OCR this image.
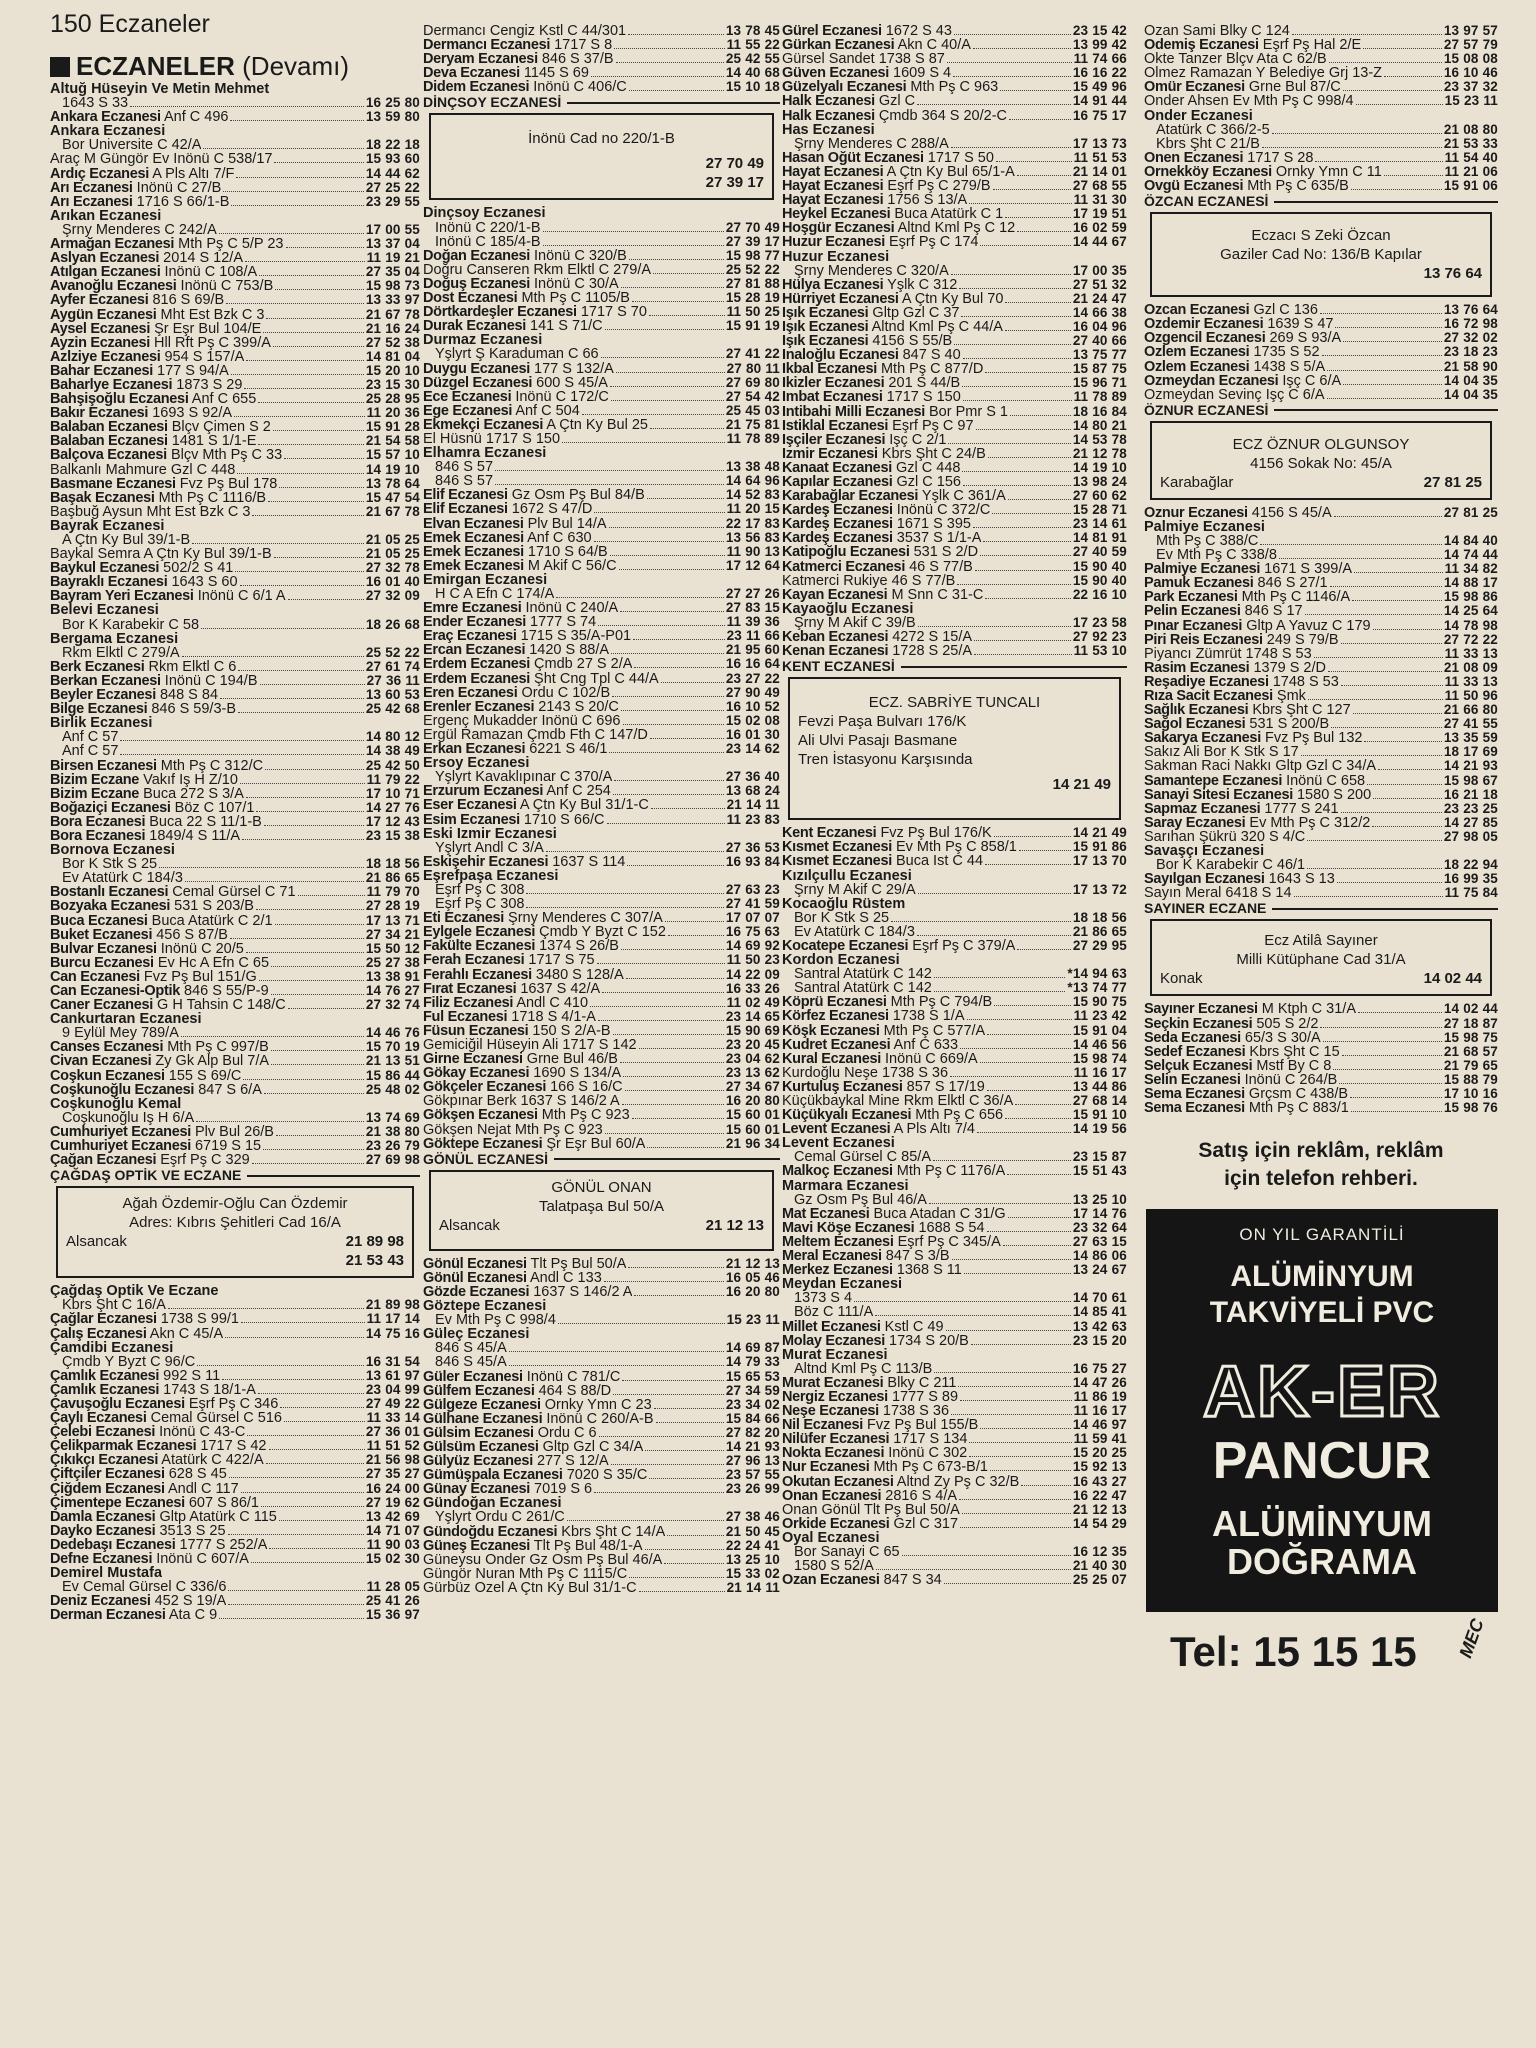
150 Eczaneler
ECZANELER (Devamı)
Altuğ Hüseyin Ve Metin Mehmet
1643 S 33	16 25 80
Ankara Eczanesi Anf C 496	13 59 80
Ankara Eczanesi
Bor Üniversite C 42/A	18 22 18
Araç M Güngör Ev İnönü C 538/17	15 93 60
Ardıç Eczanesi A Pls Altı 7/F	14 44 62
Arı Eczanesi İnönü C 27/B	27 25 22
Arı Eczanesi 1716 S 66/1-B	23 29 55
Arıkan Eczanesi
Şrny Menderes C 242/A	17 00 55
Armağan Eczanesi Mth Pş C 5/P 23	13 37 04
Aslyan Eczanesi 2014 S 12/A	11 19 21
Atılgan Eczanesi İnönü C 108/A	27 35 04
Avanoğlu Eczanesi İnönü C 753/B	15 98 73
Ayfer Eczanesi 816 S 69/B	13 33 97
Aygün Eczanesi Mht Est Bzk C 3	21 67 78
Aysel Eczanesi Şr Eşr Bul 104/E	21 16 24
Ayzin Eczanesi Hll Rft Pş C 399/A	27 52 38
Azlziye Eczanesi 954 S 157/A	14 81 04
Bahar Eczanesi 177 S 94/A	15 20 10
Baharlye Eczanesi 1873 S 29	23 15 30
Bahşişoğlu Eczanesi Anf C 655	25 28 95
Bakır Eczanesi 1693 S 92/A	11 20 36
Balaban Eczanesi Blçv Çimen S 2	15 91 28
Balaban Eczanesi 1481 S 1/1-E	21 54 58
Balçova Eczanesi Blçv Mth Pş C 33	15 57 10
Balkanlı Mahmure Gzl C 448	14 19 10
Basmane Eczanesi Fvz Pş Bul 178	13 78 64
Başak Eczanesi Mth Pş C 1116/B	15 47 54
Başbuğ Aysun Mht Est Bzk C 3	21 67 78
Bayrak Eczanesi
A Çtn Ky Bul 39/1-B	21 05 25
Baykal Semra A Çtn Ky Bul 39/1-B	21 05 25
Baykul Eczanesi 502/2 S 41	27 32 78
Bayraklı Eczanesi 1643 S 60	16 01 40
Bayram Yeri Eczanesi İnönü C 6/1 A	27 32 09
Belevi Eczanesi
Bor K Karabekir C 58	18 26 68
Bergama Eczanesi
Rkm Elktl C 279/A	25 52 22
Berk Eczanesi Rkm Elktl C 6	27 61 74
Berkan Eczanesi İnönü C 194/B	27 36 11
Beyler Eczanesi 848 S 84	13 60 53
Bilge Eczanesi 846 S 59/3-B	25 42 68
Birlik Eczanesi
Anf C 57	14 80 12
Anf C 57	14 38 49
Birsen Eczanesi Mth Pş C 312/C	25 42 50
Bizim Eczane Vakıf İş H Z/10	11 79 22
Bizim Eczane Buca 272 S 3/A	17 10 71
Boğaziçi Eczanesi Böz C 107/1	14 27 76
Bora Eczanesi Buca 22 S 11/1-B	17 12 43
Bora Eczanesi 1849/4 S 11/A	23 15 38
Bornova Eczanesi
Bor K Stk S 25	18 18 56
Ev Atatürk C 184/3	21 86 65
Bostanlı Eczanesi Cemal Gürsel C 71	11 79 70
Bozyaka Eczanesi 531 S 203/B	27 28 19
Buca Eczanesi Buca Atatürk C 2/1	17 13 71
Buket Eczanesi 456 S 87/B	27 34 21
Bulvar Eczanesi İnönü C 20/5	15 50 12
Burcu Eczanesi Ev Hc A Efn C 65	25 27 38
Can Eczanesi Fvz Pş Bul 151/G	13 38 91
Can Eczanesi-Optik 846 S 55/P-9	14 76 27
Caner Eczanesi G H Tahsin C 148/C	27 32 74
Cankurtaran Eczanesi
9 Eylül Mey 789/A	14 46 76
Canses Eczanesi Mth Pş C 997/B	15 70 19
Civan Eczanesi Zy Gk Alp Bul 7/A	21 13 51
Coşkun Eczanesi 155 S 69/C	15 86 44
Coşkunoğlu Eczanesi 847 S 6/A	25 48 02
Coşkunoğlu Kemal
Coşkunoğlu İş H 6/A	13 74 69
Cumhuriyet Eczanesi Plv Bul 26/B	21 38 80
Cumhuriyet Eczanesi 6719 S 15	23 26 79
Çağan Eczanesi Eşrf Pş C 329	27 69 98
ÇAĞDAŞ OPTİK VE ECZANE
Ağah Özdemir-Oğlu Can Özdemir
Adres: Kıbrıs Şehitleri Cad 16/A
Alsancak	21 89 98
21 53 43
Çağdaş Optik Ve Eczane
Kbrs Şht C 16/A	21 89 98
Çağlar Eczanesi 1738 S 99/1	11 17 14
Çalış Eczanesi Akn C 45/A	14 75 16
Çamdibi Eczanesi
Çmdb Y Byzt C 96/C	16 31 54
Çamlık Eczanesi 992 S 11	13 61 97
Çamlık Eczanesi 1743 S 18/1-A	23 04 99
Çavuşoğlu Eczanesi Eşrf Pş C 346	27 49 22
Çaylı Eczanesi Cemal Gürsel C 516	11 33 14
Çelebi Eczanesi İnönü C 43-C	27 36 01
Çelikparmak Eczanesi 1717 S 42	11 51 52
Çıkıkçı Eczanesi Atatürk C 422/A	21 56 98
Çiftçiler Eczanesi 628 S 45	27 35 27
Çiğdem Eczanesi Andl C 117	16 24 00
Çimentepe Eczanesi 607 S 86/1	27 19 62
Damla Eczanesi Gltp Atatürk C 115	13 42 69
Dayko Eczanesi 3513 S 25	14 71 07
Dedebaşı Eczanesi 1777 S 252/A	11 90 03
Defne Eczanesi İnönü C 607/A	15 02 30
Demirel Mustafa
Ev Cemal Gürsel C 336/6	11 28 05
Deniz Eczanesi 452 S 19/A	25 41 26
Derman Eczanesi Ata C 9	15 36 97
Dermancı Cengiz Kstl C 44/301	13 78 45
Dermancı Eczanesi 1717 S 8	11 55 22
Deryam Eczanesi 846 S 37/B	25 42 55
Deva Eczanesi 1145 S 69	14 40 68
Didem Eczanesi İnönü C 406/C	15 10 18
DİNÇSOY ECZANESİ
İnönü Cad no 220/1-B
27 70 49
27 39 17
Dinçsoy Eczanesi
İnönü C 220/1-B	27 70 49
İnönü C 185/4-B	27 39 17
Doğan Eczanesi İnönü C 320/B	15 98 77
Doğru Canseren Rkm Elktl C 279/A	25 52 22
Doğuş Eczanesi İnönü C 30/A	27 81 88
Dost Eczanesi Mth Pş C 1105/B	15 28 19
Dörtkardeşler Eczanesi 1717 S 70	11 50 25
Durak Eczanesi 141 S 71/C	15 91 19
Durmaz Eczanesi
Yşlyrt Ş Karaduman C 66	27 41 22
Duygu Eczanesi 177 S 132/A	27 80 11
Düzgel Eczanesi 600 S 45/A	27 69 80
Ece Eczanesi İnönü C 172/C	27 54 42
Ege Eczanesi Anf C 504	25 45 03
Ekmekçi Eczanesi A Çtn Ky Bul 25	21 75 81
El Hüsnü 1717 S 150	11 78 89
Elhamra Eczanesi
846 S 57	13 38 48
846 S 57	14 64 96
Elif Eczanesi Gz Osm Pş Bul 84/B	14 52 83
Elif Eczanesi 1672 S 47/D	11 20 15
Elvan Eczanesi Plv Bul 14/A	22 17 83
Emek Eczanesi Anf C 630	13 56 83
Emek Eczanesi 1710 S 64/B	11 90 13
Emek Eczanesi M Akif C 56/C	17 12 64
Emirgan Eczanesi
H C A Efn C 174/A	27 27 26
Emre Eczanesi İnönü C 240/A	27 83 15
Ender Eczanesi 1777 S 74	11 39 36
Eraç Eczanesi 1715 S 35/A-P01	23 11 66
Ercan Eczanesi 1420 S 88/A	21 95 60
Erdem Eczanesi Çmdb 27 S 2/A	16 16 64
Erdem Eczanesi Şht Cng Tpl C 44/A	23 27 22
Eren Eczanesi Ordu C 102/B	27 90 49
Erenler Eczanesi 2143 S 20/C	16 10 52
Ergenç Mukadder İnönü C 696	15 02 08
Ergül Ramazan Çmdb Fth C 147/D	16 01 30
Erkan Eczanesi 6221 S 46/1	23 14 62
Ersoy Eczanesi
Yşlyrt Kavaklıpınar C 370/A	27 36 40
Erzurum Eczanesi Anf C 254	13 68 24
Eser Eczanesi A Çtn Ky Bul 31/1-C	21 14 11
Esim Eczanesi 1710 S 66/C	11 23 83
Eski İzmir Eczanesi
Yşlyrt Andl C 3/A	27 36 53
Eskişehir Eczanesi 1637 S 114	16 93 84
Eşrefpaşa Eczanesi
Eşrf Pş C 308	27 63 23
Eşrf Pş C 308	27 41 59
Eti Eczanesi Şrny Menderes C 307/A	17 07 07
Eylgele Eczanesi Çmdb Y Byzt C 152	16 75 63
Fakülte Eczanesi 1374 S 26/B	14 69 92
Ferah Eczanesi 1717 S 75	11 50 23
Ferahlı Eczanesi 3480 S 128/A	14 22 09
Fırat Eczanesi 1637 S 42/A	16 33 26
Filiz Eczanesi Andl C 410	11 02 49
Ful Eczanesi 1718 S 4/1-A	23 14 65
Füsun Eczanesi 150 S 2/A-B	15 90 69
Gemiciğil Hüseyin Ali 1717 S 142	23 20 45
Girne Eczanesi Grne Bul 46/B	23 04 62
Gökay Eczanesi 1690 S 134/A	23 13 62
Gökçeler Eczanesi 166 S 16/C	27 34 67
Gökpınar Berk 1637 S 146/2 A	16 20 80
Gökşen Eczanesi Mth Pş C 923	15 60 01
Gökşen Nejat Mth Pş C 923	15 60 01
Göktepe Eczanesi Şr Eşr Bul 60/A	21 96 34
GÖNÜL ECZANESİ
GÖNÜL ONAN
Talatpaşa Bul 50/A
Alsancak	21 12 13
Gönül Eczanesi Tlt Pş Bul 50/A	21 12 13
Gönül Eczanesi Andl C 133	16 05 46
Gözde Eczanesi 1637 S 146/2 A	16 20 80
Göztepe Eczanesi
Ev Mth Pş C 998/4	15 23 11
Güleç Eczanesi
846 S 45/A	14 69 87
846 S 45/A	14 79 33
Güler Eczanesi İnönü C 781/C	15 65 53
Gülfem Eczanesi 464 S 88/D	27 34 59
Gülgeze Eczanesi Örnky Ymn C 23	23 34 02
Gülhane Eczanesi İnönü C 260/A-B	15 84 66
Gülsim Eczanesi Ordu C 6	27 82 20
Gülsüm Eczanesi Gltp Gzl C 34/A	14 21 93
Gülyüz Eczanesi 277 S 12/A	27 96 13
Gümüşpala Eczanesi 7020 S 35/C	23 57 55
Günay Eczanesi 7019 S 6	23 26 99
Gündoğan Eczanesi
Yşlyrt Ordu C 261/C	27 38 46
Gündoğdu Eczanesi Kbrs Şht C 14/A	21 50 45
Güneş Eczanesi Tlt Pş Bul 48/1-A	22 24 41
Güneysu Önder Gz Osm Pş Bul 46/A	13 25 10
Güngör Nuran Mth Pş C 1115/C	15 33 02
Gürbüz Özel A Çtn Ky Bul 31/1-C	21 14 11
Gürel Eczanesi 1672 S 43	23 15 42
Gürkan Eczanesi Akn C 40/A	13 99 42
Gürsel Sandet 1738 S 87	11 74 66
Güven Eczanesi 1609 S 4	16 16 22
Güzelyalı Eczanesi Mth Pş C 963	15 49 96
Halk Eczanesi Gzl C	14 91 44
Halk Eczanesi Çmdb 364 S 20/2-C	16 75 17
Has Eczanesi
Şrny Menderes C 288/A	17 13 73
Hasan Öğüt Eczanesi 1717 S 50	11 51 53
Hayat Eczanesi A Çtn Ky Bul 65/1-A	21 14 01
Hayat Eczanesi Eşrf Pş C 279/B	27 68 55
Hayat Eczanesi 1756 S 13/A	11 31 30
Heykel Eczanesi Buca Atatürk C 1	17 19 51
Hoşgür Eczanesi Altnd Kml Pş C 12	16 02 59
Huzur Eczanesi Eşrf Pş C 174	14 44 67
Huzur Eczanesi
Şrny Menderes C 320/A	17 00 35
Hülya Eczanesi Yşlk C 312	27 51 32
Hürriyet Eczanesi A Çtn Ky Bul 70	21 24 47
Işık Eczanesi Gltp Gzl C 37	14 66 38
Işık Eczanesi Altnd Kml Pş C 44/A	16 04 96
Işık Eczanesi 4156 S 55/B	27 40 66
İnaloğlu Eczanesi 847 S 40	13 75 77
İkbal Eczanesi Mth Pş C 877/D	15 87 75
İkizler Eczanesi 201 S 44/B	15 96 71
İmbat Eczanesi 1717 S 150	11 78 89
İntibahi Milli Eczanesi Bor Pmr S 1	18 16 84
İstiklal Eczanesi Eşrf Pş C 97	14 80 21
İşçiler Eczanesi İşç C 2/1	14 53 78
İzmir Eczanesi Kbrs Şht C 24/B	21 12 78
Kanaat Eczanesi Gzl C 448	14 19 10
Kapılar Eczanesi Gzl C 156	13 98 24
Karabağlar Eczanesi Yşlk C 361/A	27 60 62
Kardeş Eczanesi İnönü C 372/C	15 28 71
Kardeş Eczanesi 1671 S 395	23 14 61
Kardeş Eczanesi 3537 S 1/1-A	14 81 91
Katipoğlu Eczanesi 531 S 2/D	27 40 59
Katmerci Eczanesi 46 S 77/B	15 90 40
Katmerci Rukiye 46 S 77/B	15 90 40
Kayan Eczanesi M Snn C 31-C	22 16 10
Kayaoğlu Eczanesi
Şrny M Akif C 39/B	17 23 58
Keban Eczanesi 4272 S 15/A	27 92 23
Kenan Eczanesi 1728 S 25/A	11 53 10
KENT ECZANESİ
ECZ. SABRİYE TUNCALI
Fevzi Paşa Bulvarı 176/K
Ali Ulvi Pasajı Basmane
Tren İstasyonu Karşısında
14 21 49
Kent Eczanesi Fvz Pş Bul 176/K	14 21 49
Kısmet Eczanesi Ev Mth Pş C 858/1	15 91 86
Kısmet Eczanesi Buca İst C 44	17 13 70
Kızılçullu Eczanesi
Şrny M Akif C 29/A	17 13 72
Kocaoğlu Rüstem
Bor K Stk S 25	18 18 56
Ev Atatürk C 184/3	21 86 65
Kocatepe Eczanesi Eşrf Pş C 379/A	27 29 95
Kordon Eczanesi
Santral Atatürk C 142	*14 94 63
Santral Atatürk C 142	*13 74 77
Köprü Eczanesi Mth Pş C 794/B	15 90 75
Körfez Eczanesi 1738 S 1/A	11 23 42
Köşk Eczanesi Mth Pş C 577/A	15 91 04
Kudret Eczanesi Anf C 633	14 46 56
Kural Eczanesi İnönü C 669/A	15 98 74
Kurdoğlu Neşe 1738 S 36	11 16 17
Kurtuluş Eczanesi 857 S 17/19	13 44 86
Küçükbaykal Mine Rkm Elktl C 36/A	27 68 14
Küçükyalı Eczanesi Mth Pş C 656	15 91 10
Levent Eczanesi A Pls Altı 7/4	14 19 56
Levent Eczanesi
Cemal Gürsel C 85/A	23 15 87
Malkoç Eczanesi Mth Pş C 1176/A	15 51 43
Marmara Eczanesi
Gz Osm Pş Bul 46/A	13 25 10
Mat Eczanesi Buca Atadan C 31/G	17 14 76
Mavi Köşe Eczanesi 1688 S 54	23 32 64
Meltem Eczanesi Eşrf Pş C 345/A	27 63 15
Meral Eczanesi 847 S 3/B	14 86 06
Merkez Eczanesi 1368 S 11	13 24 67
Meydan Eczanesi
1373 S 4	14 70 61
Böz C 111/A	14 85 41
Millet Eczanesi Kstl C 49	13 42 63
Molay Eczanesi 1734 S 20/B	23 15 20
Murat Eczanesi
Altnd Kml Pş C 113/B	16 75 27
Murat Eczanesi Blky C 211	14 47 26
Nergiz Eczanesi 1777 S 89	11 86 19
Neşe Eczanesi 1738 S 36	11 16 17
Nil Eczanesi Fvz Pş Bul 155/B	14 46 97
Nilüfer Eczanesi 1717 S 134	11 59 41
Nokta Eczanesi İnönü C 302	15 20 25
Nur Eczanesi Mth Pş C 673-B/1	15 92 13
Okutan Eczanesi Altnd Zy Pş C 32/B	16 43 27
Onan Eczanesi 2816 S 4/A	16 22 47
Onan Gönül Tlt Pş Bul 50/A	21 12 13
Orkide Eczanesi Gzl C 317	14 54 29
Oyal Eczanesi
Bor Sanayi C 65	16 12 35
1580 S 52/A	21 40 30
Ozan Eczanesi 847 S 34	25 25 07
Ozan Sami Blky C 124	13 97 57
Ödemiş Eczanesi Eşrf Pş Hal 2/E	27 57 79
Ökte Tanzer Blçv Ata C 62/B	15 08 08
Ölmez Ramazan Y Belediye Grj 13-Z	16 10 46
Ömür Eczanesi Grne Bul 87/C	23 37 32
Önder Ahsen Ev Mth Pş C 998/4	15 23 11
Önder Eczanesi
Atatürk C 366/2-5	21 08 80
Kbrs Şht C 21/B	21 53 33
Önen Eczanesi 1717 S 28	11 54 40
Örnekköy Eczanesi Örnky Ymn C 11	11 21 06
Övgü Eczanesi Mth Pş C 635/B	15 91 06
ÖZCAN ECZANESİ
Eczacı S Zeki Özcan
Gaziler Cad No: 136/B Kapılar
13 76 64
Özcan Eczanesi Gzl C 136	13 76 64
Özdemir Eczanesi 1639 S 47	16 72 98
Özgencil Eczanesi 269 S 93/A	27 32 02
Özlem Eczanesi 1735 S 52	23 18 23
Özlem Eczanesi 1438 S 5/A	21 58 90
Özmeydan Eczanesi İşç C 6/A	14 04 35
Özmeydan Sevinç İşç C 6/A	14 04 35
ÖZNUR ECZANESİ
ECZ ÖZNUR OLGUNSOY
4156 Sokak No: 45/A
Karabağlar	27 81 25
Öznur Eczanesi 4156 S 45/A	27 81 25
Palmiye Eczanesi
Mth Pş C 388/C	14 84 40
Ev Mth Pş C 338/8	14 74 44
Palmiye Eczanesi 1671 S 399/A	11 34 82
Pamuk Eczanesi 846 S 27/1	14 88 17
Park Eczanesi Mth Pş C 1146/A	15 98 86
Pelin Eczanesi 846 S 17	14 25 64
Pınar Eczanesi Gltp A Yavuz C 179	14 78 98
Piri Reis Eczanesi 249 S 79/B	27 72 22
Piyancı Zümrüt 1748 S 53	11 33 13
Rasim Eczanesi 1379 S 2/D	21 08 09
Reşadiye Eczanesi 1748 S 53	11 33 13
Rıza Sacit Eczanesi Şmk	11 50 96
Sağlık Eczanesi Kbrs Şht C 127	21 66 80
Sağol Eczanesi 531 S 200/B	27 41 55
Sakarya Eczanesi Fvz Pş Bul 132	13 35 59
Sakız Ali Bor K Stk S 17	18 17 69
Sakman Raci Nakkı Gltp Gzl C 34/A	14 21 93
Samantepe Eczanesi İnönü C 658	15 98 67
Sanayi Sitesi Eczanesi 1580 S 200	16 21 18
Sapmaz Eczanesi 1777 S 241	23 23 25
Saray Eczanesi Ev Mth Pş C 312/2	14 27 85
Sarıhan Şükrü 320 S 4/C	27 98 05
Savaşçı Eczanesi
Bor K Karabekir C 46/1	18 22 94
Sayılgan Eczanesi 1643 S 13	16 99 35
Sayın Meral 6418 S 14	11 75 84
SAYINER ECZANE
Ecz Atilâ Sayıner
Milli Kütüphane Cad 31/A
Konak	14 02 44
Sayıner Eczanesi M Ktph C 31/A	14 02 44
Seçkin Eczanesi 505 S 2/2	27 18 87
Seda Eczanesi 65/3 S 30/A	15 98 75
Sedef Eczanesi Kbrs Şht C 15	21 68 57
Selçuk Eczanesi Mstf By C 8	21 79 65
Selin Eczanesi İnönü C 264/B	15 88 79
Sema Eczanesi Grçsm C 438/B	17 10 16
Sema Eczanesi Mth Pş C 883/1	15 98 76
Satış için reklâm, reklâm
için telefon rehberi.
ON YIL GARANTİLİ
ALÜMİNYUM
TAKVİYELİ PVC
AK-ER
PANCUR
ALÜMİNYUM
DOĞRAMA
Tel: 15 15 15 MEC
